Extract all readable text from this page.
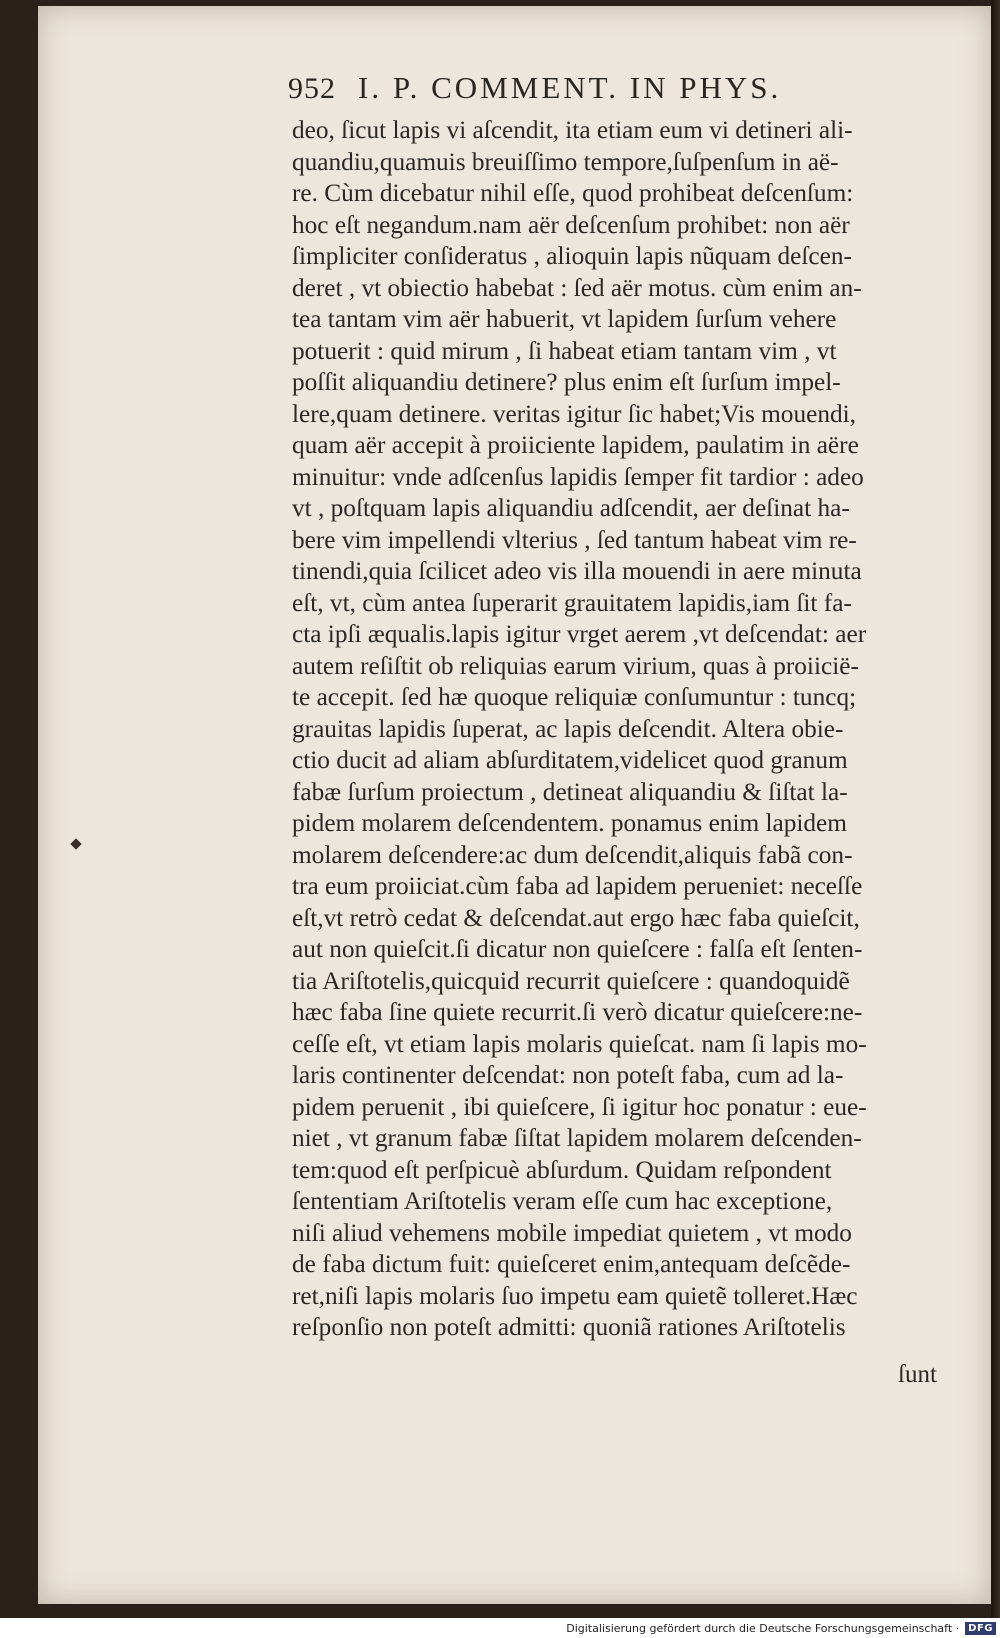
952 I. P. COMMENT. IN PHYS.
deo, ſicut lapis vi aſcendit, ita etiam eum vi detineri ali-
quandiu,quamuis breuiſſimo tempore,ſuſpenſum in aë-
re. Cùm dicebatur nihil eſſe, quod prohibeat deſcenſum:
hoc eſt negandum.nam aër deſcenſum prohibet: non aër
ſimpliciter conſideratus , alioquin lapis nũquam deſcen-
deret , vt obiectio habebat : ſed aër motus. cùm enim an-
tea tantam vim aër habuerit, vt lapidem ſurſum vehere
potuerit : quid mirum , ſi habeat etiam tantam vim , vt
poſſit aliquandiu detinere? plus enim eſt ſurſum impel-
lere,quam detinere. veritas igitur ſic habet;Vis mouendi,
quam aër accepit à proiiciente lapidem, paulatim in aëre
minuitur: vnde adſcenſus lapidis ſemper fit tardior : adeo
vt , poſtquam lapis aliquandiu adſcendit, aer deſinat ha-
bere vim impellendi vlterius , ſed tantum habeat vim re-
tinendi,quia ſcilicet adeo vis illa mouendi in aere minuta
eſt, vt, cùm antea ſuperarit grauitatem lapidis,iam ſit fa-
cta ipſi æqualis.lapis igitur vrget aerem ,vt deſcendat: aer
autem reſiſtit ob reliquias earum virium, quas à proiicië-
te accepit. ſed hæ quoque reliquiæ conſumuntur : tuncq;
grauitas lapidis ſuperat, ac lapis deſcendit. Altera obie-
ctio ducit ad aliam abſurditatem,videlicet quod granum
fabæ ſurſum proiectum , detineat aliquandiu & ſiſtat la-
pidem molarem deſcendentem. ponamus enim lapidem
molarem deſcendere:ac dum deſcendit,aliquis fabã con-
tra eum proiiciat.cùm faba ad lapidem perueniet: neceſſe
eſt,vt retrò cedat & deſcendat.aut ergo hæc faba quieſcit,
aut non quieſcit.ſi dicatur non quieſcere : falſa eſt ſenten-
tia Ariſtotelis,quicquid recurrit quieſcere : quandoquidẽ
hæc faba ſine quiete recurrit.ſi verò dicatur quieſcere:ne-
ceſſe eſt, vt etiam lapis molaris quieſcat. nam ſi lapis mo-
laris continenter deſcendat: non poteſt faba, cum ad la-
pidem peruenit , ibi quieſcere, ſi igitur hoc ponatur : eue-
niet , vt granum fabæ ſiſtat lapidem molarem deſcenden-
tem:quod eſt perſpicuè abſurdum. Quidam reſpondent
ſententiam Ariſtotelis veram eſſe cum hac exceptione,
niſi aliud vehemens mobile impediat quietem , vt modo
de faba dictum fuit: quieſceret enim,antequam deſcẽde-
ret,niſi lapis molaris ſuo impetu eam quietẽ tolleret.Hæc
reſponſio non poteſt admitti: quoniã rationes Ariſtotelis
ſunt
Digitalisierung gefördert durch die Deutsche Forschungsgemeinschaft · DFG
